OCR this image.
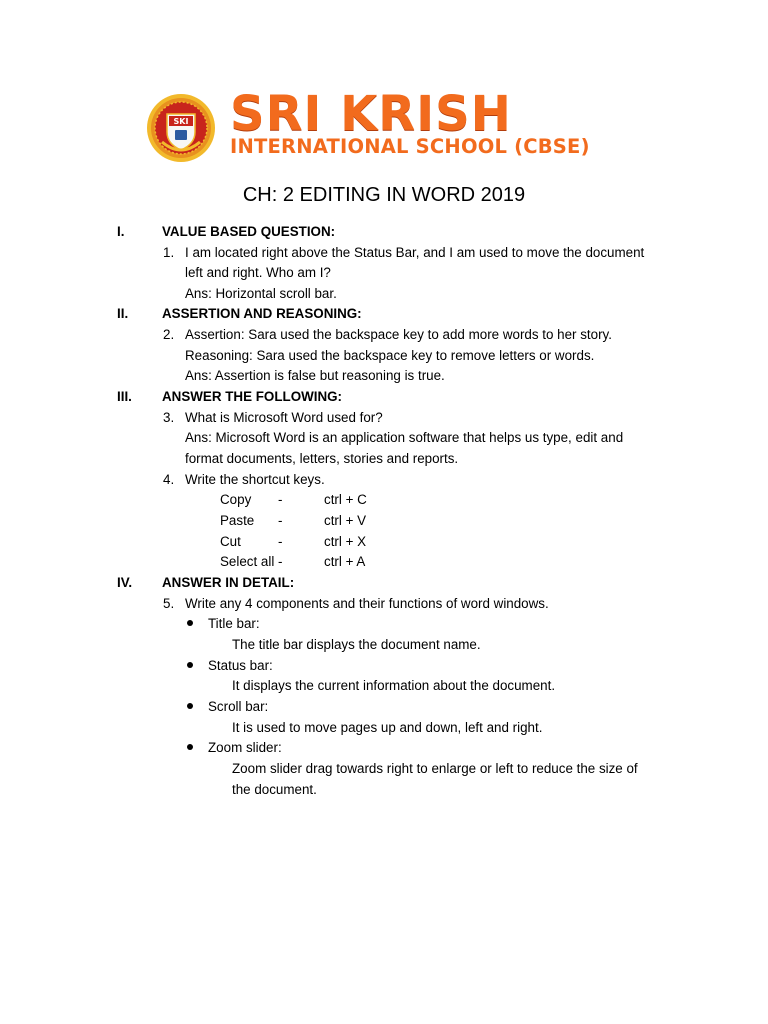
SKI SRI KRISH
INTERNATIONAL SCHOOL (CBSE)
CH: 2 EDITING IN WORD 2019
I.	VALUE BASED QUESTION:
1. I am located right above the Status Bar, and I am used to move the document
left and right. Who am I?
Ans: Horizontal scroll bar.
II.	ASSERTION AND REASONING:
2. Assertion: Sara used the backspace key to add more words to her story.
Reasoning: Sara used the backspace key to remove letters or words.
Ans: Assertion is false but reasoning is true.
III. ANSWER THE FOLLOWING:
3. What is Microsoft Word used for?
Ans: Microsoft Word is an application software that helps us type, edit and
format documents, letters, stories and reports.
4. Write the shortcut keys.
Copy -	ctrl + C
Paste -	ctrl + V
Cut	-	ctrl + X
Select all -	ctrl + A
IV. ANSWER IN DETAIL:
5. Write any 4 components and their functions of word windows.
Title bar:
The title bar displays the document name.
Status bar:
It displays the current information about the document.
Scroll bar:
It is used to move pages up and down, left and right.
Zoom slider:
Zoom slider drag towards right to enlarge or left to reduce the size of
the document.
